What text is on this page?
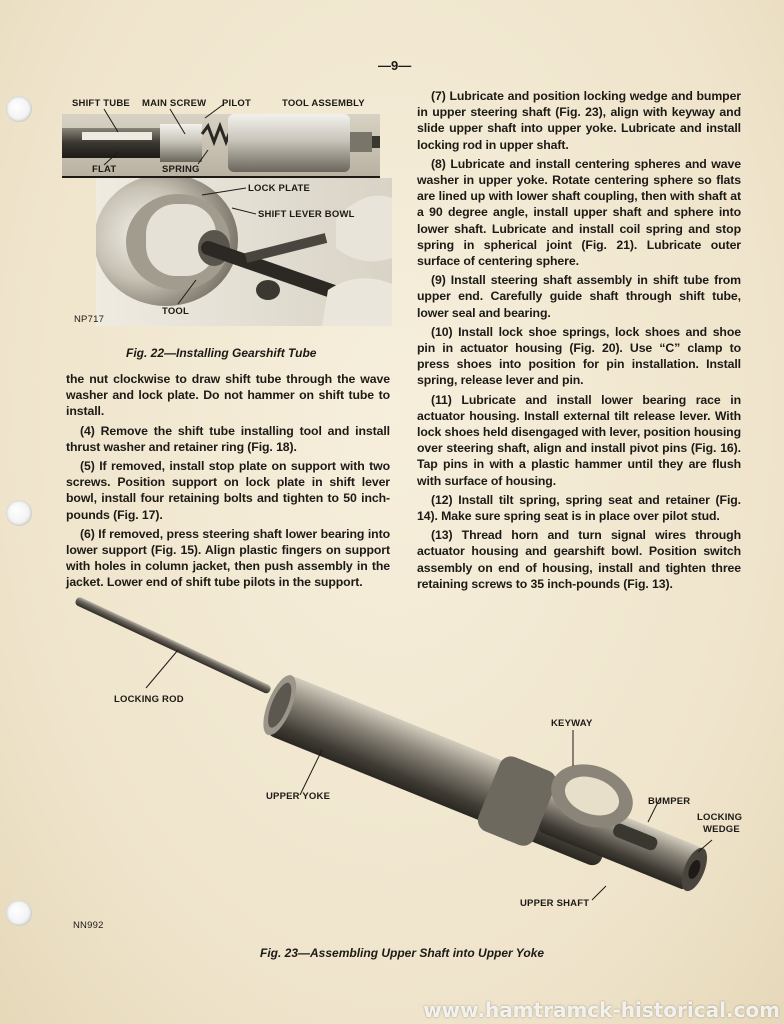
—9—
SHIFT TUBE MAIN SCREW PILOT	TOOL ASSEMBLY
FLAT	SPRING
LOCK PLATE
SHIFT LEVER BOWL
TOOL
NP717
Fig. 22—Installing Gearshift Tube

the nut clockwise to draw shift tube through the wave washer and lock plate. Do not hammer on shift tube to install.

(4) Remove the shift tube installing tool and install thrust washer and retainer ring (Fig. 18).

(5) If removed, install stop plate on support with two screws. Position support on lock plate in shift lever bowl, install four retaining bolts and tighten to 50 inch-pounds (Fig. 17).

(6) If removed, press steering shaft lower bearing into lower support (Fig. 15). Align plastic fingers on support with holes in column jacket, then push assembly in the jacket. Lower end of shift tube pilots in the support.

(7) Lubricate and position locking wedge and bumper in upper steering shaft (Fig. 23), align with keyway and slide upper shaft into upper yoke. Lubricate and install locking rod in upper shaft.

(8) Lubricate and install centering spheres and wave washer in upper yoke. Rotate centering sphere so flats are lined up with lower shaft coupling, then with shaft at a 90 degree angle, install upper shaft and sphere into lower shaft. Lubricate and install coil spring and stop spring in spherical joint (Fig. 21). Lubricate outer surface of centering sphere.

(9) Install steering shaft assembly in shift tube from upper end. Carefully guide shaft through shift tube, lower seal and bearing.

(10) Install lock shoe springs, lock shoes and shoe pin in actuator housing (Fig. 20). Use “C” clamp to press shoes into position for pin installation. Install spring, release lever and pin.

(11) Lubricate and install lower bearing race in actuator housing. Install external tilt release lever. With lock shoes held disengaged with lever, position housing over steering shaft, align and install pivot pins (Fig. 16). Tap pins in with a plastic hammer until they are flush with surface of housing.

(12) Install tilt spring, spring seat and retainer (Fig. 14). Make sure spring seat is in place over pilot stud.

(13) Thread horn and turn signal wires through actuator housing and gearshift bowl. Position switch assembly on end of housing, install and tighten three retaining screws to 35 inch-pounds (Fig. 13).

LOCKING ROD
UPPER YOKE
KEYWAY
BUMPER
LOCKING
WEDGE
UPPER SHAFT
NN992
Fig. 23—Assembling Upper Shaft into Upper Yoke
www.hamtramck-historical.com
